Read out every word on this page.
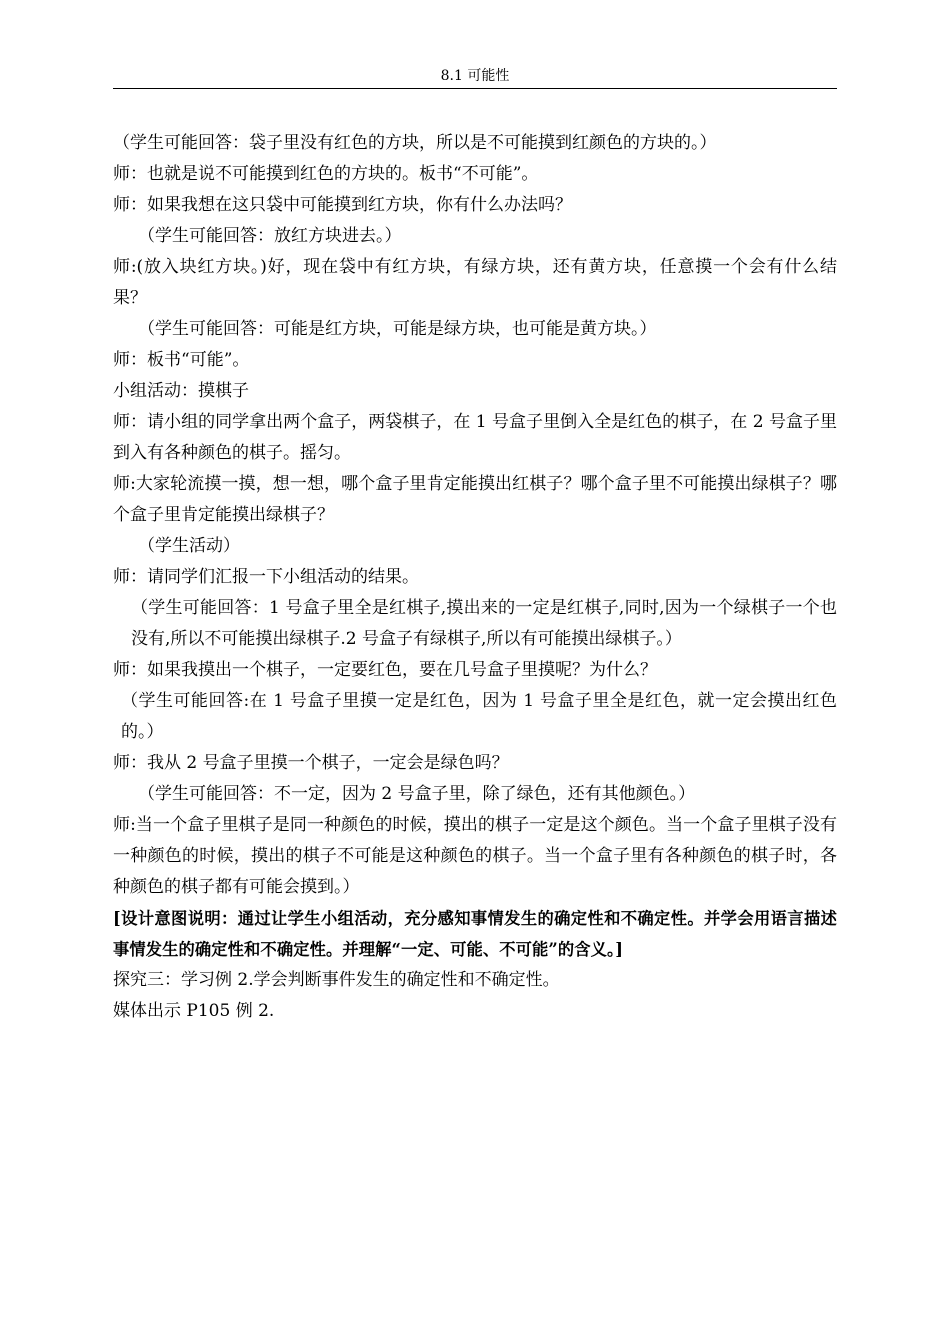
8.1 可能性

（学生可能回答：袋子里没有红色的方块，所以是不可能摸到红颜色的方块的。）

师：也就是说不可能摸到红色的方块的。板书“不可能”。

师：如果我想在这只袋中可能摸到红方块，你有什么办法吗？

（学生可能回答：放红方块进去。）

师:(放入块红方块。)好，现在袋中有红方块，有绿方块，还有黄方块，任意摸一个会有什么结果？

（学生可能回答：可能是红方块，可能是绿方块，也可能是黄方块。）

师：板书“可能”。

小组活动：摸棋子

师：请小组的同学拿出两个盒子，两袋棋子，在 1 号盒子里倒入全是红色的棋子，在 2 号盒子里到入有各种颜色的棋子。摇匀。

师:大家轮流摸一摸，想一想，哪个盒子里肯定能摸出红棋子？哪个盒子里不可能摸出绿棋子？哪个盒子里肯定能摸出绿棋子？

（学生活动）

师：请同学们汇报一下小组活动的结果。

（学生可能回答：1 号盒子里全是红棋子,摸出来的一定是红棋子,同时,因为一个绿棋子一个也没有,所以不可能摸出绿棋子.2 号盒子有绿棋子,所以有可能摸出绿棋子。）

师：如果我摸出一个棋子，一定要红色，要在几号盒子里摸呢？为什么？

（学生可能回答:在 1 号盒子里摸一定是红色，因为 1 号盒子里全是红色，就一定会摸出红色的。）

师：我从 2 号盒子里摸一个棋子，一定会是绿色吗？

（学生可能回答：不一定，因为 2 号盒子里，除了绿色，还有其他颜色。）

师:当一个盒子里棋子是同一种颜色的时候，摸出的棋子一定是这个颜色。当一个盒子里棋子没有一种颜色的时候，摸出的棋子不可能是这种颜色的棋子。当一个盒子里有各种颜色的棋子时，各种颜色的棋子都有可能会摸到。）

[设计意图说明：通过让学生小组活动，充分感知事情发生的确定性和不确定性。并学会用语言描述事情发生的确定性和不确定性。并理解“一定、可能、不可能”的含义。]

探究三：学习例 2.学会判断事件发生的确定性和不确定性。

媒体出示 P105 例 2.
